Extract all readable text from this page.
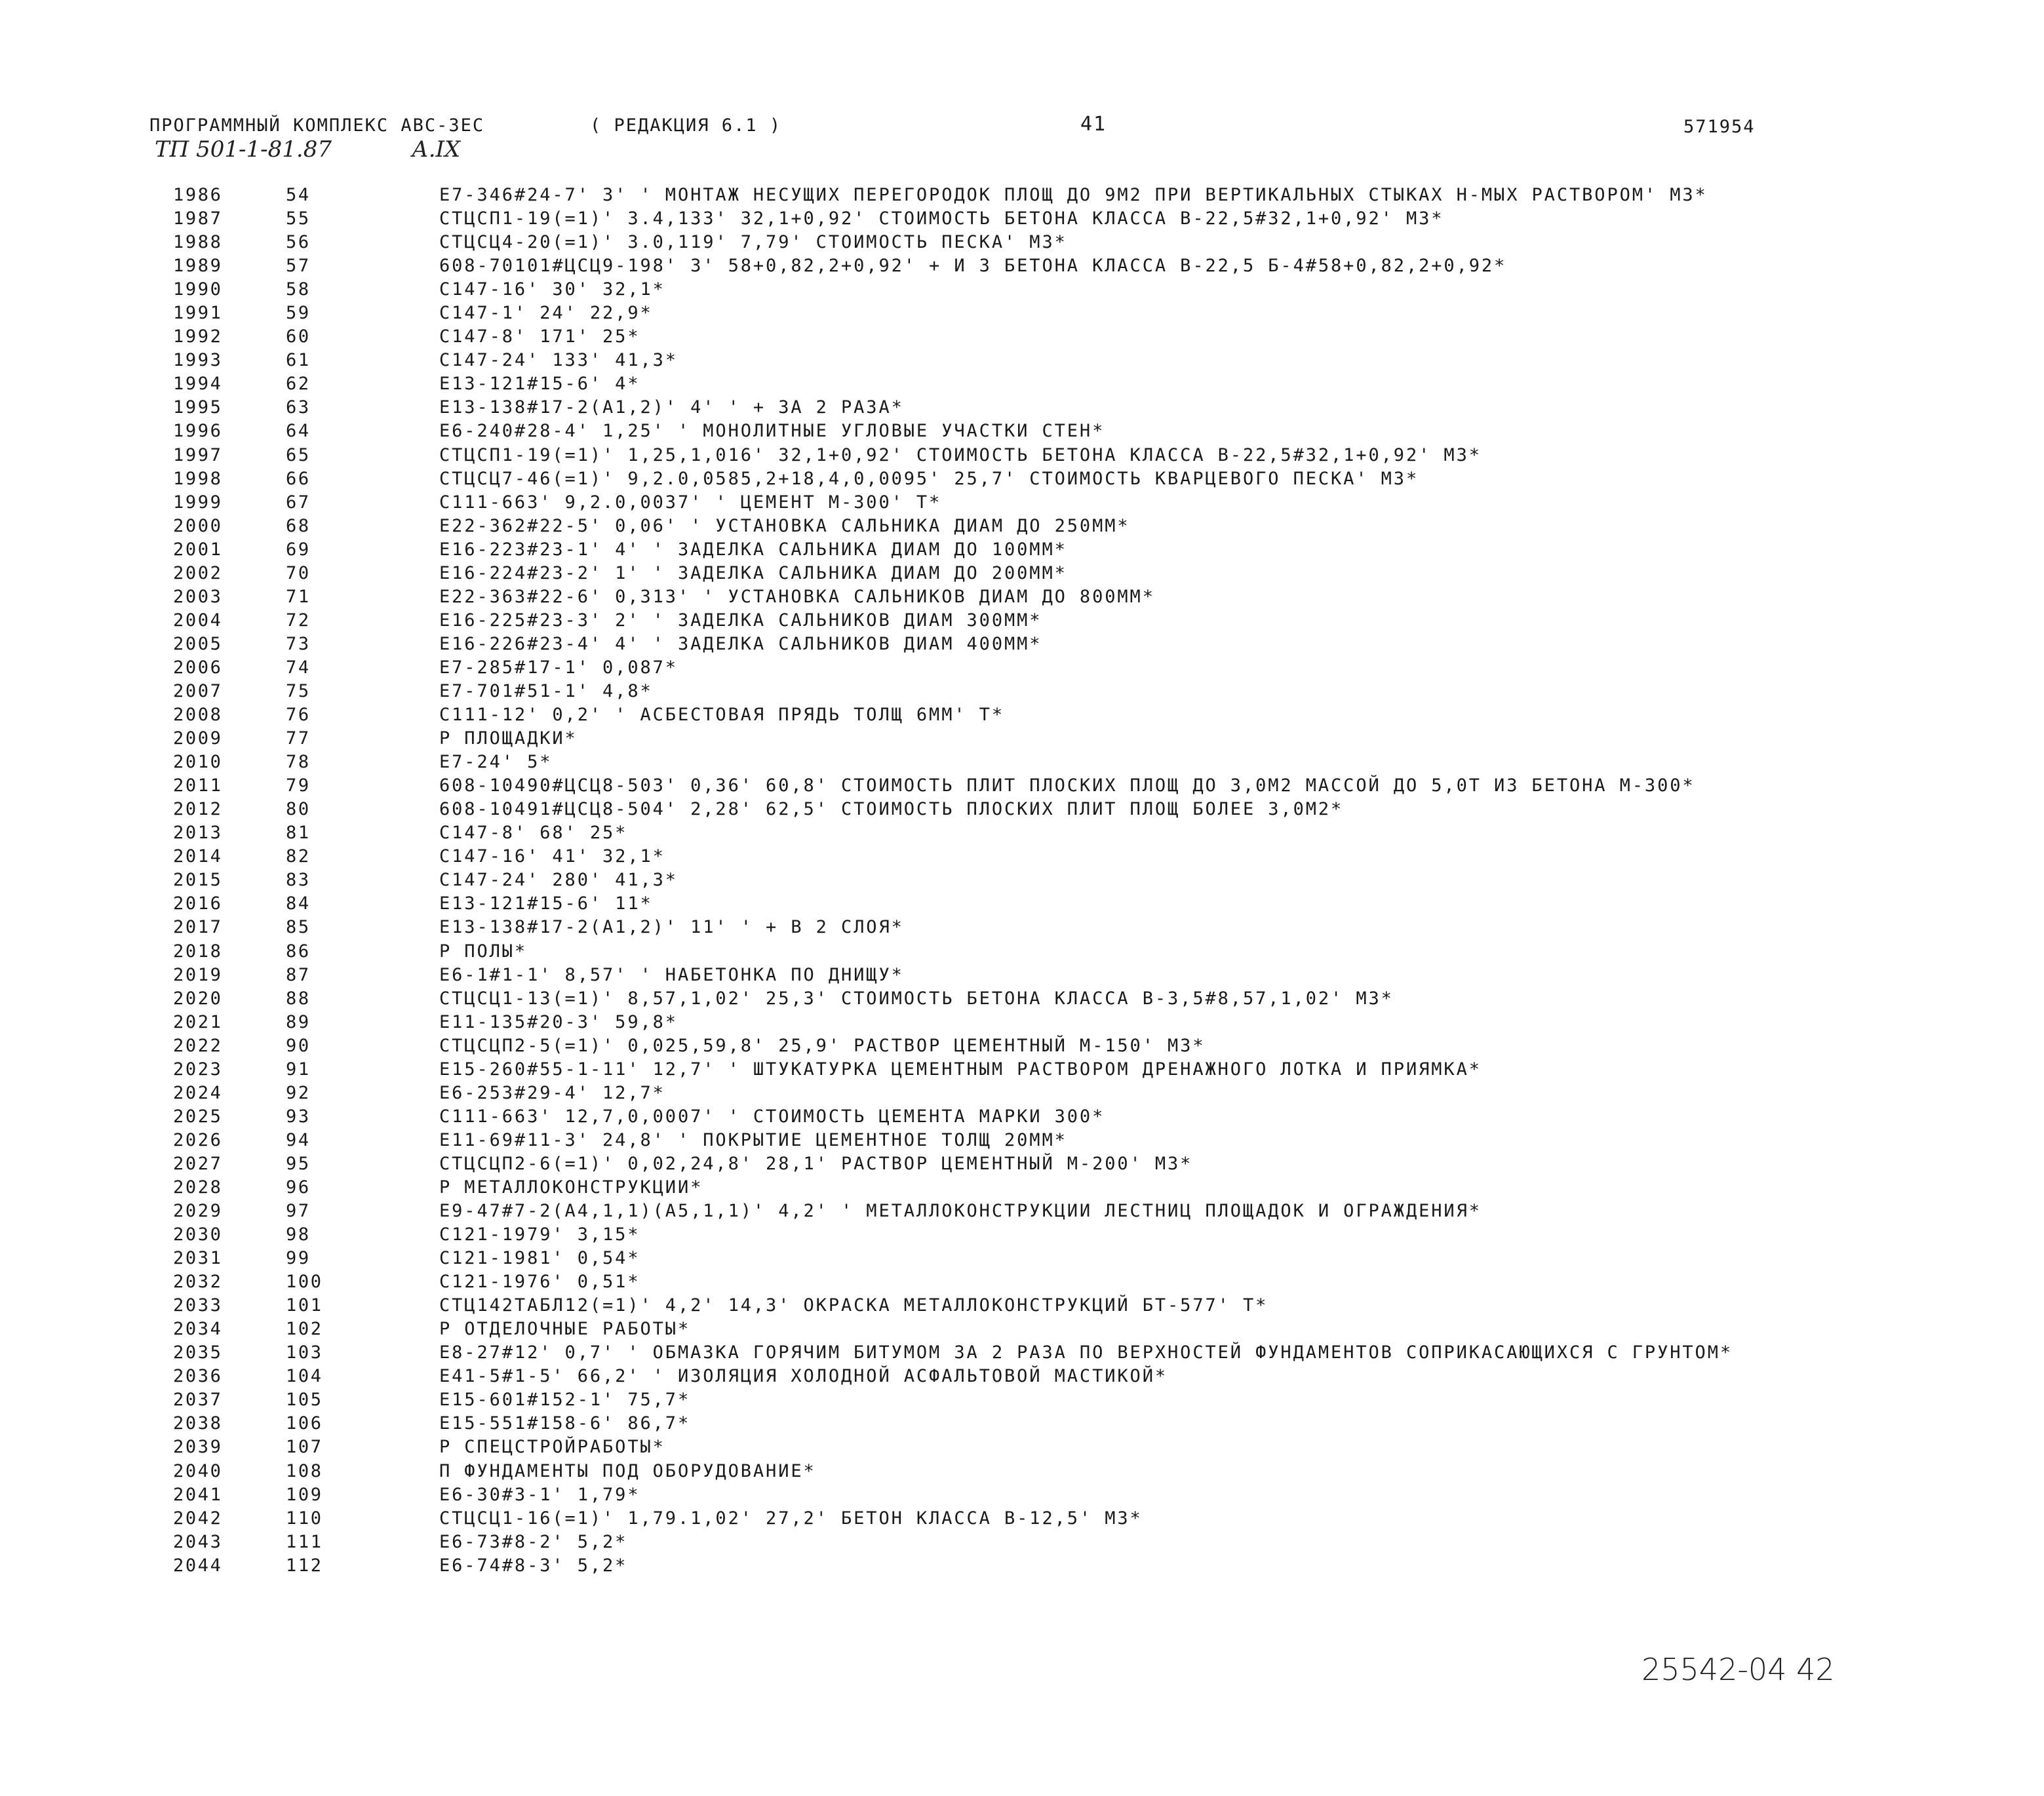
ПРОГРАММНЫЙ КОМПЛЕКС АВС-3ЕС	( РЕДАКЦИЯ 6.1 )	41	571954
ТП 501-1-81.87	А.IX
1986	54	Е7-346#24-7' 3' ' МОНТАЖ НЕСУЩИХ ПЕРЕГОРОДОК ПЛОЩ ДО 9М2 ПРИ ВЕРТИКАЛЬНЫХ СТЫКАХ Н-МЫХ РАСТВОРОМ' М3*
1987	55	СТЦСП1-19(=1)' 3.4,133' 32,1+0,92' СТОИМОСТЬ БЕТОНА КЛАССА В-22,5#32,1+0,92' М3*
1988	56	СТЦСЦ4-20(=1)' 3.0,119' 7,79' СТОИМОСТЬ ПЕСКА' М3*
1989	57	608-70101#ЦСЦ9-198' 3' 58+0,82,2+0,92' + И 3 БЕТОНА КЛАССА В-22,5 Б-4#58+0,82,2+0,92*
1990	58	С147-16' 30' 32,1*
1991	59	С147-1' 24' 22,9*
1992	60	С147-8' 171' 25*
1993	61	С147-24' 133' 41,3*
1994	62	Е13-121#15-6' 4*
1995	63	Е13-138#17-2(А1,2)' 4' ' + ЗА 2 РАЗА*
1996	64	Е6-240#28-4' 1,25' ' МОНОЛИТНЫЕ УГЛОВЫЕ УЧАСТКИ СТЕН*
1997	65	СТЦСП1-19(=1)' 1,25,1,016' 32,1+0,92' СТОИМОСТЬ БЕТОНА КЛАССА В-22,5#32,1+0,92' М3*
1998	66	СТЦСЦ7-46(=1)' 9,2.0,0585,2+18,4,0,0095' 25,7' СТОИМОСТЬ КВАРЦЕВОГО ПЕСКА' М3*
1999	67	С111-663' 9,2.0,0037' ' ЦЕМЕНТ М-300' Т*
2000	68	Е22-362#22-5' 0,06' ' УСТАНОВКА САЛЬНИКА ДИАМ ДО 250ММ*
2001	69	Е16-223#23-1' 4' ' ЗАДЕЛКА САЛЬНИКА ДИАМ ДО 100ММ*
2002	70	Е16-224#23-2' 1' ' ЗАДЕЛКА САЛЬНИКА ДИАМ ДО 200ММ*
2003	71	Е22-363#22-6' 0,313' ' УСТАНОВКА САЛЬНИКОВ ДИАМ ДО 800ММ*
2004	72	Е16-225#23-3' 2' ' ЗАДЕЛКА САЛЬНИКОВ ДИАМ 300ММ*
2005	73	Е16-226#23-4' 4' ' ЗАДЕЛКА САЛЬНИКОВ ДИАМ 400ММ*
2006	74	Е7-285#17-1' 0,087*
2007	75	Е7-701#51-1' 4,8*
2008	76	С111-12' 0,2' ' АСБЕСТОВАЯ ПРЯДЬ ТОЛЩ 6ММ' Т*
2009	77	Р ПЛОЩАДКИ*
2010	78	Е7-24' 5*
2011	79	608-10490#ЦСЦ8-503' 0,36' 60,8' СТОИМОСТЬ ПЛИТ ПЛОСКИХ ПЛОЩ ДО 3,0М2 МАССОЙ ДО 5,0Т ИЗ БЕТОНА М-300*
2012	80	608-10491#ЦСЦ8-504' 2,28' 62,5' СТОИМОСТЬ ПЛОСКИХ ПЛИТ ПЛОЩ БОЛЕЕ 3,0М2*
2013	81	С147-8' 68' 25*
2014	82	С147-16' 41' 32,1*
2015	83	С147-24' 280' 41,3*
2016	84	Е13-121#15-6' 11*
2017	85	Е13-138#17-2(А1,2)' 11' ' + В 2 СЛОЯ*
2018	86	Р ПОЛЫ*
2019	87	Е6-1#1-1' 8,57' ' НАБЕТОНКА ПО ДНИЩУ*
2020	88	СТЦСЦ1-13(=1)' 8,57,1,02' 25,3' СТОИМОСТЬ БЕТОНА КЛАССА В-3,5#8,57,1,02' М3*
2021	89	Е11-135#20-3' 59,8*
2022	90	СТЦСЦП2-5(=1)' 0,025,59,8' 25,9' РАСТВОР ЦЕМЕНТНЫЙ М-150' М3*
2023	91	Е15-260#55-1-11' 12,7' ' ШТУКАТУРКА ЦЕМЕНТНЫМ РАСТВОРОМ ДРЕНАЖНОГО ЛОТКА И ПРИЯМКА*
2024	92	Е6-253#29-4' 12,7*
2025	93	С111-663' 12,7,0,0007' ' СТОИМОСТЬ ЦЕМЕНТА МАРКИ 300*
2026	94	Е11-69#11-3' 24,8' ' ПОКРЫТИЕ ЦЕМЕНТНОЕ ТОЛЩ 20ММ*
2027	95	СТЦСЦП2-6(=1)' 0,02,24,8' 28,1' РАСТВОР ЦЕМЕНТНЫЙ М-200' М3*
2028	96	Р МЕТАЛЛОКОНСТРУКЦИИ*
2029	97	Е9-47#7-2(А4,1,1)(А5,1,1)' 4,2' ' МЕТАЛЛОКОНСТРУКЦИИ ЛЕСТНИЦ ПЛОЩАДОК И ОГРАЖДЕНИЯ*
2030	98	С121-1979' 3,15*
2031	99	С121-1981' 0,54*
2032	100	С121-1976' 0,51*
2033	101	СТЦ142ТАБЛ12(=1)' 4,2' 14,3' ОКРАСКА МЕТАЛЛОКОНСТРУКЦИЙ БТ-577' Т*
2034	102	Р ОТДЕЛОЧНЫЕ РАБОТЫ*
2035	103	Е8-27#12' 0,7' ' ОБМАЗКА ГОРЯЧИМ БИТУМОМ ЗА 2 РАЗА ПО ВЕРХНОСТЕЙ ФУНДАМЕНТОВ СОПРИКАСАЮЩИХСЯ С ГРУНТОМ*
2036	104	Е41-5#1-5' 66,2' ' ИЗОЛЯЦИЯ ХОЛОДНОЙ АСФАЛЬТОВОЙ МАСТИКОЙ*
2037	105	Е15-601#152-1' 75,7*
2038	106	Е15-551#158-6' 86,7*
2039	107	Р СПЕЦСТРОЙРАБОТЫ*
2040	108	П ФУНДАМЕНТЫ ПОД ОБОРУДОВАНИЕ*
2041	109	Е6-30#3-1' 1,79*
2042	110	СТЦСЦ1-16(=1)' 1,79.1,02' 27,2' БЕТОН КЛАССА В-12,5' М3*
2043	111	Е6-73#8-2' 5,2*
2044	112	Е6-74#8-3' 5,2*
25542-04 42
